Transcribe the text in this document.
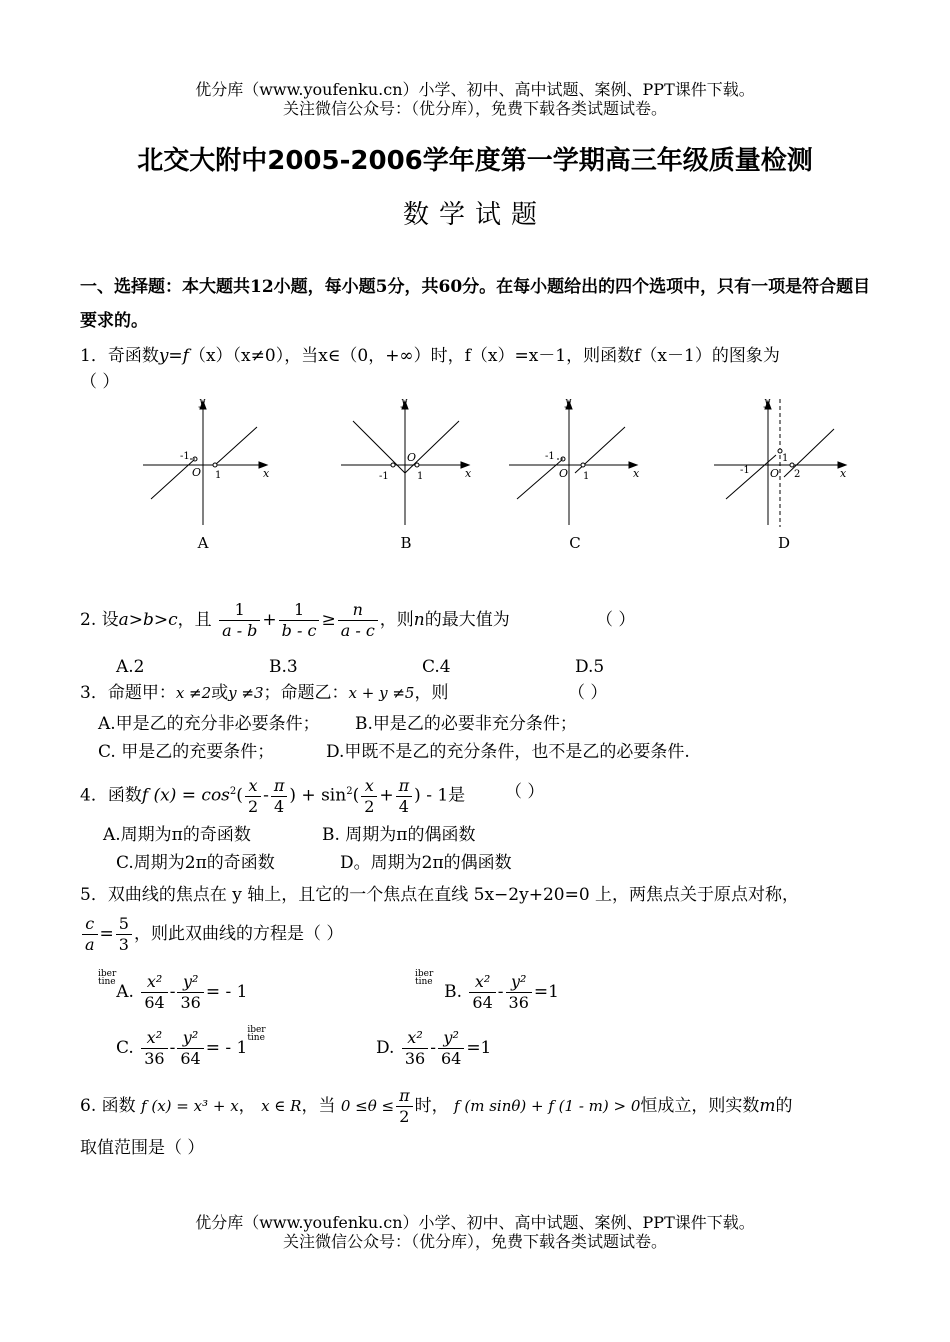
优分库（www.youfenku.cn）小学、初中、高中试题、案例、PPT课件下载。
关注微信公众号：（优分库），免费下载各类试题试卷。
北交大附中2005-2006学年度第一学期高三年级质量检测
数学试题
一、选择题：本大题共12小题，每小题5分，共60分。在每小题给出的四个选项中，只有一项是符合题目要求的。
1．奇函数y=f（x）（x≠0），当x∈（0，+∞）时，f（x）=x－1，则函数f（x－1）的图象为
（ ）
y
x
O
-1
1
A
y
x
O
-1	1
B
y
x
O
-1
1
C
y
x
O
-1
1
2
D
2. 设a>b>c，且 $\frac{1}{a - b} + \frac{1}{b - c} \ge \frac{n}{a - c}$ ，则n的最大值为	（ ）
A.2	B.3	C.4	D.5
3．命题甲：x ≠2或y ≠3；命题乙：x + y ≠5，则	（ ）
A.甲是乙的充分非必要条件； B.甲是乙的必要非充分条件；
C. 甲是乙的充要条件；	D.甲既不是乙的充分条件，也不是乙的必要条件.
4．函数f $(x) = \cos^2( \frac{x}{2} - \frac{\pi}{4}$ ) + $\sin^2( \frac{x}{2} + \frac{\pi}{4}$ ) - 1是 （ ）
A.周期为π的奇函数	B. 周期为π的偶函数
C.周期为2π的奇函数	D。周期为2π的偶函数
5．双曲线的焦点在 y 轴上，且它的一个焦点在直线 5x−2y+20=0 上，两焦点关于原点对称，
$\frac{c}{a} = \frac{5}{3}$ ，则此双曲线的方程是（ ）
iber
tineA. $\frac{\text{x²}}{64} - \frac{\text{y²}}{36}$ = - 1
iber
tine B. $\frac{\text{x²}}{64} - \frac{\text{y²}}{36} =1$
C. $\frac{\text{x²}}{36} - \frac{\text{y²}}{64}$ = - 1iber
tine	D. $\frac{\text{x²}}{36} - \frac{\text{y²}}{64} =1$
6. 函数 f (x) = x³ + x， x ∈ R，当 $0 \le\theta \le \frac{\pi}{2}$ 时， f (m sinθ) + f (1 - m) > 0恒成立，则实数m的
取值范围是（ ）
优分库（www.youfenku.cn）小学、初中、高中试题、案例、PPT课件下载。
关注微信公众号：（优分库），免费下载各类试题试卷。
